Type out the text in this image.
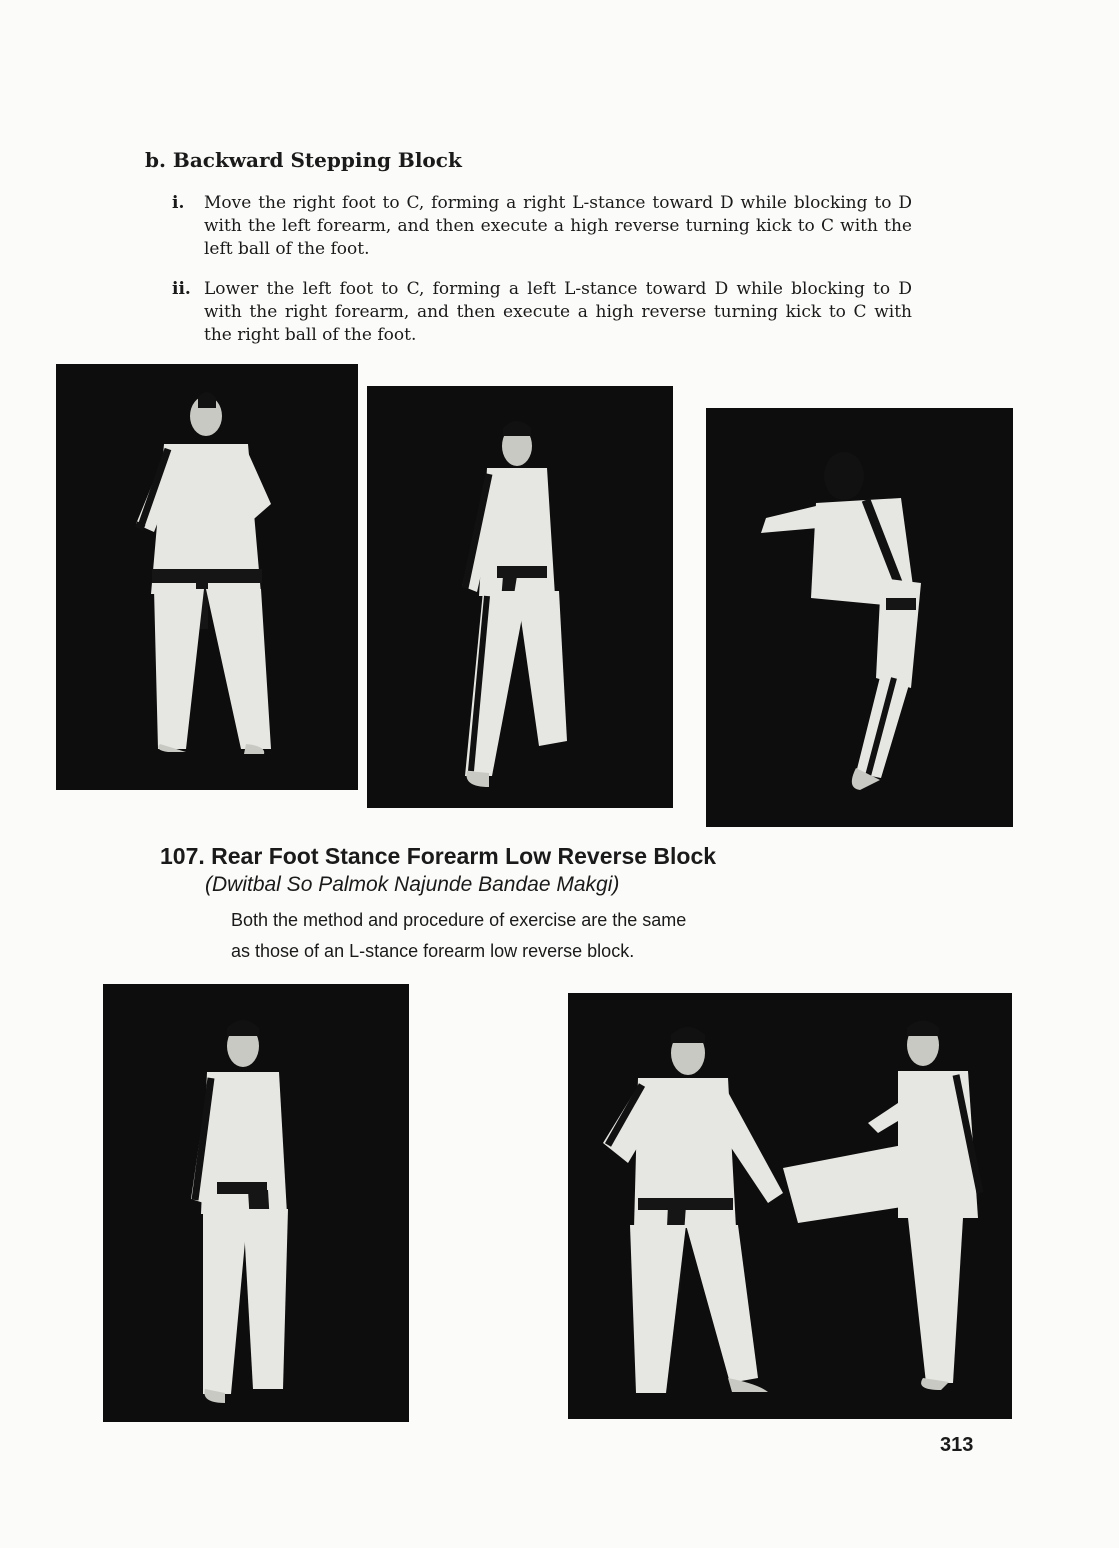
b. Backward Stepping Block
i.	Move the right foot to C, forming a right L-stance toward D while blocking to D with the left forearm, and then execute a high reverse turning kick to C with the left ball of the foot.
ii. Lower the left foot to C, forming a left L-stance toward D while blocking to D with the right forearm, and then execute a high reverse turning kick to C with the right ball of the foot.
107. Rear Foot Stance Forearm Low Reverse Block
(Dwitbal So Palmok Najunde Bandae Makgi)
Both the method and procedure of exercise are the same
as those of an L-stance forearm low reverse block.
313
